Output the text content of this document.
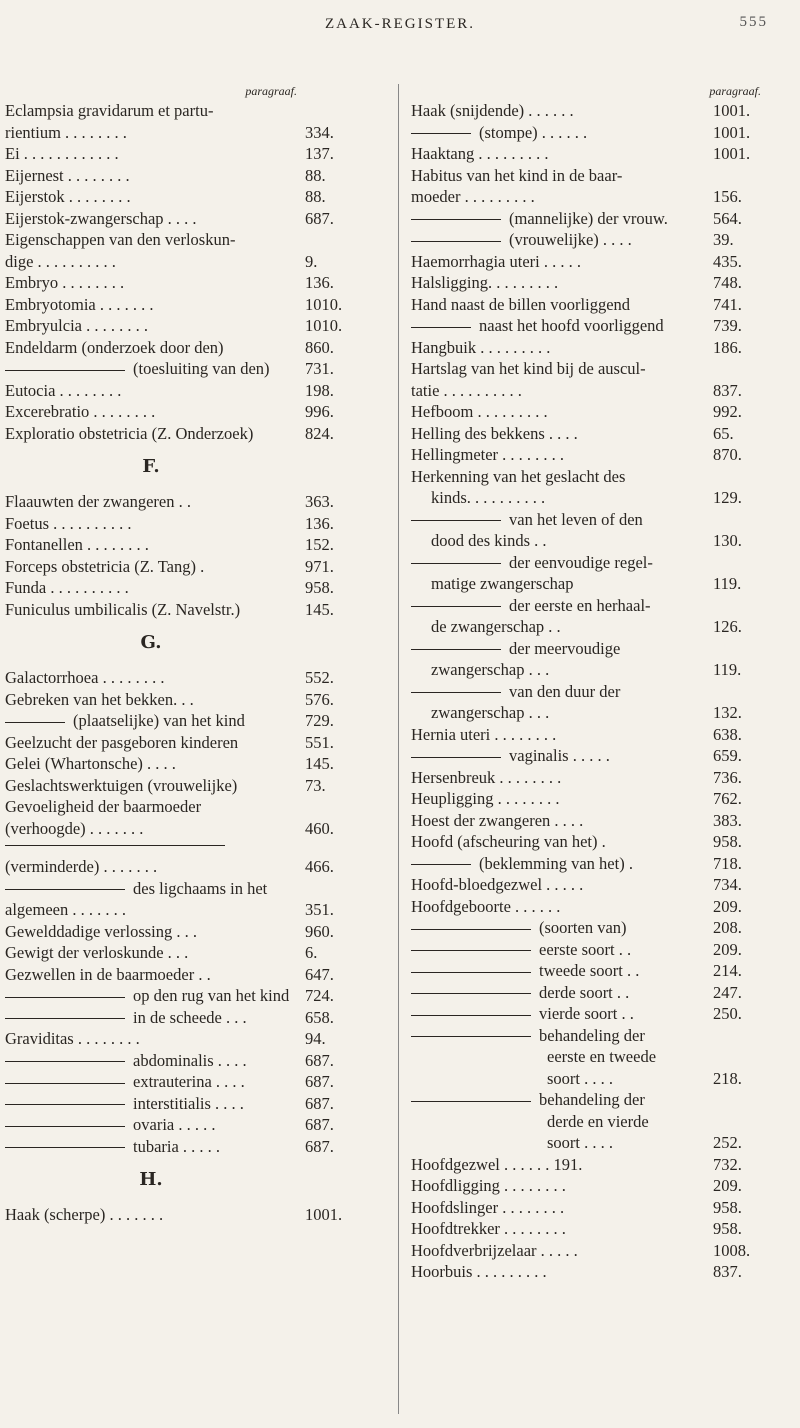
ZAAK-REGISTER.	555
paragraaf.
Eclampsia gravidarum et partu-
rientium . . . . . . . .	334.
Ei . . . . . . . . . . . .	137.
Eijernest . . . . . . . .	88.
Eijerstok . . . . . . . .	88.
Eijerstok-zwangerschap . . . .	687.
Eigenschappen van den verloskun-
dige . . . . . . . . . .	9.
Embryo . . . . . . . .	136.
Embryotomia . . . . . . .	1010.
Embryulcia . . . . . . . .	1010.
Endeldarm (onderzoek door den)	860.
(toesluiting van den) 731.
Eutocia . . . . . . . .	198.
Excerebratio . . . . . . . .	996.
Exploratio obstetricia (Z. Onderzoek)	824.
F.
Flaauwten der zwangeren . .	363.
Foetus . . . . . . . . . .	136.
Fontanellen . . . . . . . .	152.
Forceps obstetricia (Z. Tang) .	971.
Funda . . . . . . . . . .	958.
Funiculus umbilicalis (Z. Navelstr.)	145.
G.
Galactorrhoea . . . . . . . .	552.
Gebreken van het bekken. . .	576.
(plaatselijke) van het kind	729.
Geelzucht der pasgeboren kinderen	551.
Gelei (Whartonsche) . . . .	145.
Geslachtswerktuigen (vrouwelijke)	73.
Gevoeligheid der baarmoeder
(verhoogde) . . . . . . .	460.
(verminderde) . . . . . . .	466.
des ligchaams in het
algemeen . . . . . . .	351.
Gewelddadige verlossing . . .	960.
Gewigt der verloskunde . . .	6.
Gezwellen in de baarmoeder . .	647.
op den rug van het kind 724.
in de scheede . . .	658.
Graviditas . . . . . . . .	94.
abdominalis . . . .	687.
extrauterina . . . .	687.
interstitialis . . . .	687.
ovaria . . . . .	687.
tubaria . . . . .	687.
H.
Haak (scherpe) . . . . . . .	1001.
paragraaf.
Haak (snijdende) . . . . . .	1001.
(stompe) . . . . . .	1001.
Haaktang . . . . . . . . .	1001.
Habitus van het kind in de baar-
moeder . . . . . . . . .	156.
(mannelijke) der vrouw.	564.
(vrouwelijke) . . . .	39.
Haemorrhagia uteri . . . . .	435.
Halsligging. . . . . . . . .	748.
Hand naast de billen voorliggend	741.
naast het hoofd voorliggend	739.
Hangbuik . . . . . . . . .	186.
Hartslag van het kind bij de auscul-
tatie . . . . . . . . . .	837.
Hefboom . . . . . . . . .	992.
Helling des bekkens . . . .	65.
Hellingmeter . . . . . . . .	870.
Herkenning van het geslacht des
kinds. . . . . . . . . .	129.
van het leven of den
dood des kinds . .	130.
der eenvoudige regel-
matige zwangerschap	119.
der eerste en herhaal-
de zwangerschap . .	126.
der meervoudige
zwangerschap . . .	119.
van den duur der
zwangerschap . . .	132.
Hernia uteri . . . . . . . .	638.
vaginalis . . . . .	659.
Hersenbreuk . . . . . . . .	736.
Heupligging . . . . . . . .	762.
Hoest der zwangeren . . . .	383.
Hoofd (afscheuring van het) .	958.
(beklemming van het) .	718.
Hoofd-bloedgezwel . . . . .	734.
Hoofdgeboorte . . . . . .	209.
(soorten van)	208.
eerste soort . .	209.
tweede soort . .	214.
derde soort . .	247.
vierde soort . .	250.
behandeling der
eerste en tweede
soort . . . .	218.
behandeling der
derde en vierde
soort . . . .	252.
Hoofdgezwel . . . . . . 191.	732.
Hoofdligging . . . . . . . .	209.
Hoofdslinger . . . . . . . .	958.
Hoofdtrekker . . . . . . . .	958.
Hoofdverbrijzelaar . . . . .	1008.
Hoorbuis . . . . . . . . .	837.
